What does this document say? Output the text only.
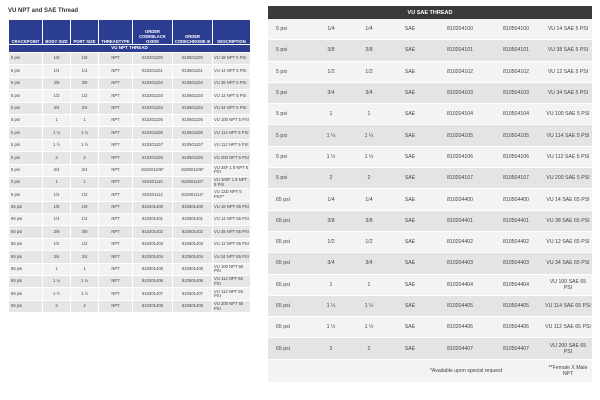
VU NPT and SAE Thread
CRACKPOINT	BODY SIZE	PORT SIZE	THREADTYPE	ORDER CODEBLACK OXIDE	ORDER CODECHROME III	DESCRIPTION
VU NPT THREAD						
5 psi	1/8	1/8	NPT	810201100	810501100	VU 18 NPT 5 PSI
5 psi	1/4	1/4	NPT	810201101	810501101	VU 14 NPT 5 PSI
5 psi	3/8	3/8	NPT	810201102	810501102	VU 38 NPT 5 PSI
5 psi	1/2	1/2	NPT	810201103	810501103	VU 12 NPT 5 PSI
5 psi	3/4	3/4	NPT	810201104	810501104	VU 34 NPT 5 PSI
5 psi	1	1	NPT	810201105	810501105	VU 100 NPT 5 PSI
5 psi	1 ¼	1 ¼	NPT	810201106	810501106	VU 114 NPT 5 PSI
5 psi	1 ½	1 ½	NPT	810201107	810501107	VU 112 NPT 5 PSI
5 psi	2	2	NPT	810201108	810501108	VU 200 NPT 5 PSI
5 psi	3/4	3/4	NPT	810201109*	810501109*	VU 34F 1 8 NPT 5 PSI
5 psi	1	1	NPT	810201110	810501110*	VU 100F 1 8 NPT 5 PSI
5 psi	1/2	1/2	NPT	810201112	810501112*	VU 12D NPT 5 PSI**
65 psi	1/8	1/8	NPT	810201400	810501400	VU 18 NPT 65 PSI
65 psi	1/4	1/4	NPT	810201401	810501401	VU 14 NPT 65 PSI
65 psi	3/8	3/8	NPT	810201402	810501402	VU 38 NPT 65 PSI
65 psi	1/2	1/2	NPT	810201403	810501403	VU 12 NPT 65 PSI
65 psi	3/4	3/4	NPT	810201404	810501404	VU 34 NPT 65 PSI
65 psi	1	1	NPT	810201405	810501405	VU 100 NPT 65 PSI
65 psi	1 ¼	1 ¼	NPT	810201406	810501406	VU 114 NPT 65 PSI
65 psi	1 ½	1 ½	NPT	810201407	810501407	VU 112 NPT 65 PSI
65 psi	2	2	NPT	810201408	810501408	VU 200 NPT 65 PSI
VU SAE THREAD						
5 psi	1/4	1/4	SAE	810204100	810504100	VU 14 SAE 5 PSI
5 psi	3/8	3/8	SAE	810204101	810504101	VU 38 SAE 5 PSI
5 psi	1/2	1/2	SAE	810204102	810504102	VU 12 SAE 5 PSI
5 psi	3/4	3/4	SAE	810204103	810504103	VU 34 SAE 5 PSI
5 psi	1	1	SAE	810204104	810504104	VU 100 SAE 5 PSI
5 psi	1 ¼	1 ¼	SAE	810204105	810504105	VU 114 SAE 5 PSI
5 psi	1 ½	1 ½	SAE	810204106	810504106	VU 112 SAE 5 PSI
5 psi	2	2	SAE	810204107	810504107	VU 200 SAE 5 PSI
65 psi	1/4	1/4	SAE	810204400	810504400	VU 14 SAE 65 PSI
65 psi	3/8	3/8	SAE	810204401	810504401	VU 38 SAE 65 PSI
65 psi	1/2	1/2	SAE	810204402	810504402	VU 12 SAE 65 PSI
65 psi	3/4	3/4	SAE	810204403	810504403	VU 34 SAE 65 PSI
65 psi	1	1	SAE	810204404	810504404	VU 100 SAE 65 PSI
65 psi	1 ¼	1 ¼	SAE	810204405	810504405	VU 114 SAE 65 PSI
65 psi	1 ½	1 ½	SAE	810204406	810504406	VU 112 SAE 65 PSI
65 psi	2	2	SAE	810204407	810504407	VU 200 SAE 65 PSI
			*Available upon special request			**Female X Male NPT
